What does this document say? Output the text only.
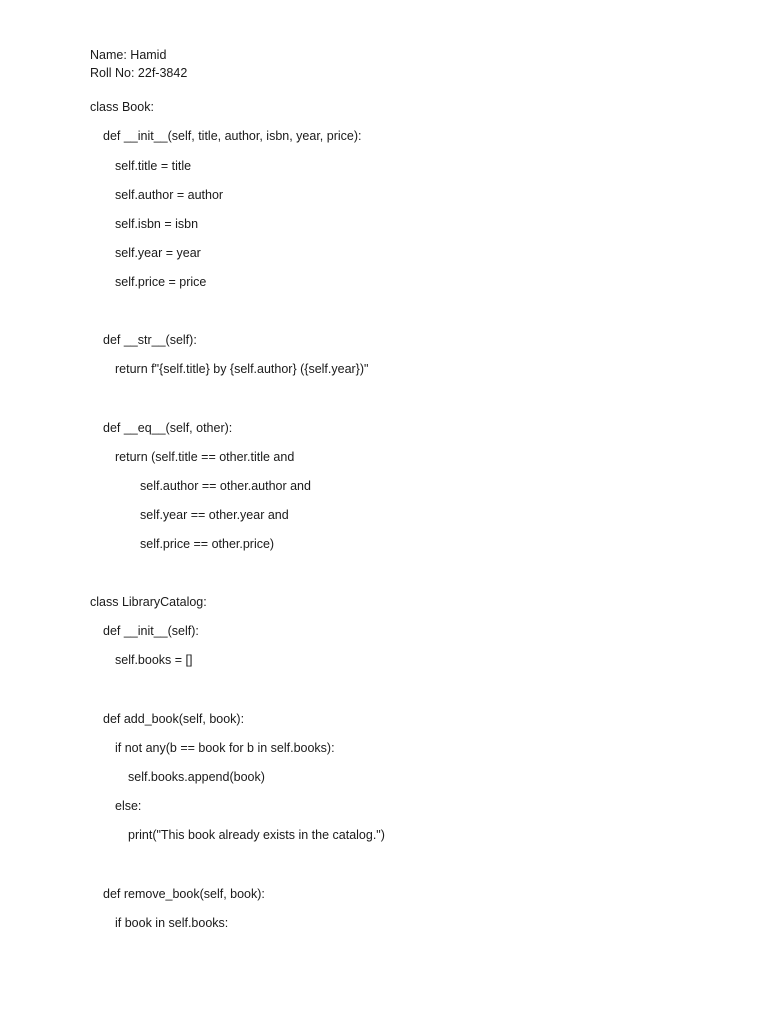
Name: Hamid
Roll No: 22f-3842
class Book:
def __init__(self, title, author, isbn, year, price):
self.title = title
self.author = author
self.isbn = isbn
self.year = year
self.price = price
def __str__(self):
return f"{self.title} by {self.author} ({self.year})"
def __eq__(self, other):
return (self.title == other.title and
self.author == other.author and
self.year == other.year and
self.price == other.price)
class LibraryCatalog:
def __init__(self):
self.books = []
def add_book(self, book):
if not any(b == book for b in self.books):
self.books.append(book)
else:
print("This book already exists in the catalog.")
def remove_book(self, book):
if book in self.books:
